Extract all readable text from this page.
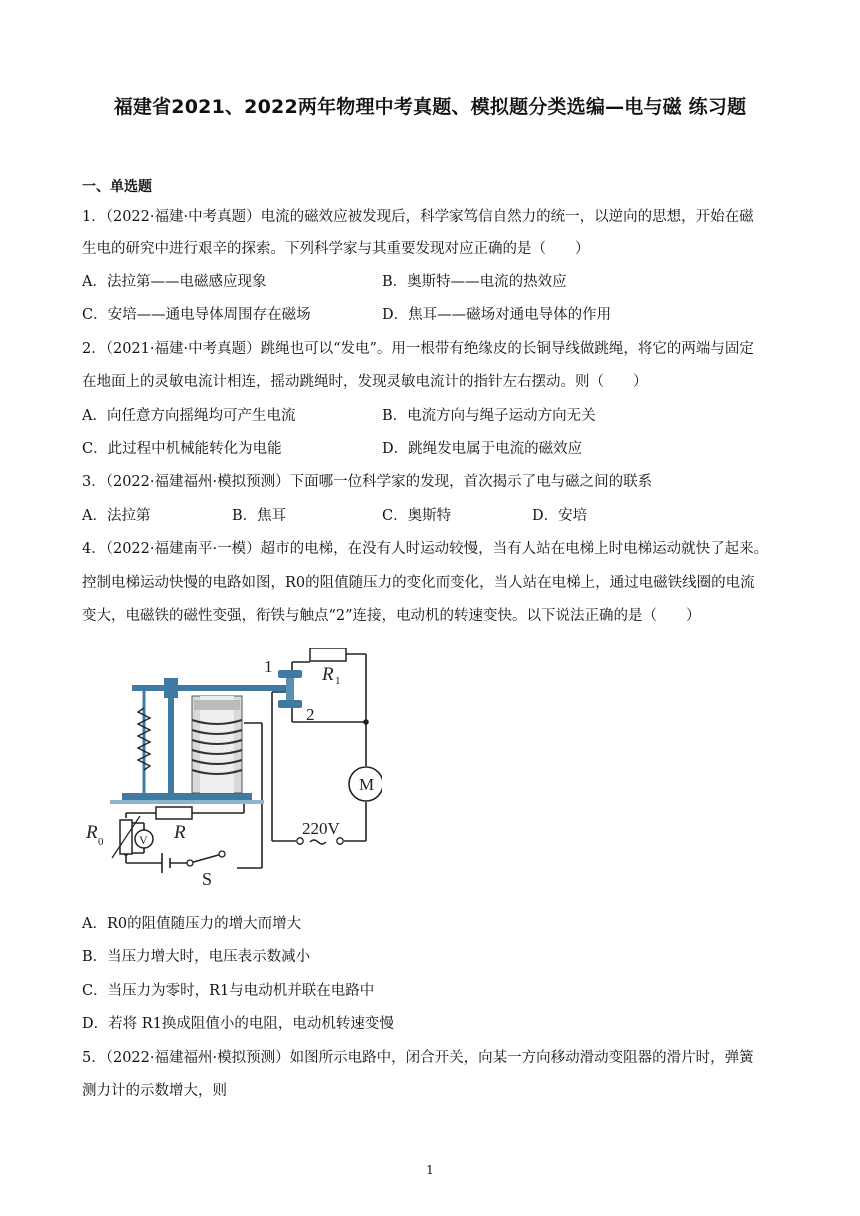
福建省2021、2022两年物理中考真题、模拟题分类选编—电与磁 练习题
一、单选题
1．（2022·福建·中考真题）电流的磁效应被发现后，科学家笃信自然力的统一，以逆向的思想，开始在磁
生电的研究中进行艰辛的探索。下列科学家与其重要发现对应正确的是（　　）
A．法拉第——电磁感应现象	B．奥斯特——电流的热效应
C．安培——通电导体周围存在磁场	D．焦耳——磁场对通电导体的作用
2．（2021·福建·中考真题）跳绳也可以“发电”。用一根带有绝缘皮的长铜导线做跳绳，将它的两端与固定
在地面上的灵敏电流计相连，摇动跳绳时，发现灵敏电流计的指针左右摆动。则（　　）
A．向任意方向摇绳均可产生电流	B．电流方向与绳子运动方向无关
C．此过程中机械能转化为电能	D．跳绳发电属于电流的磁效应
3．（2022·福建福州·模拟预测）下面哪一位科学家的发现，首次揭示了电与磁之间的联系
A．法拉第	B．焦耳	C．奥斯特	D．安培
4．（2022·福建南平·一模）超市的电梯，在没有人时运动较慢，当有人站在电梯上时电梯运动就快了起来。
控制电梯运动快慢的电路如图，R0的阻值随压力的变化而变化，当人站在电梯上，通过电磁铁线圈的电流
变大，电磁铁的磁性变强，衔铁与触点“2”连接，电动机的转速变快。以下说法正确的是（　　）
1
2
R 1
M
220V
R 0	V R
S
A．R0的阻值随压力的增大而增大
B．当压力增大时，电压表示数减小
C．当压力为零时，R1与电动机并联在电路中
D．若将 R1换成阻值小的电阻，电动机转速变慢
5．（2022·福建福州·模拟预测）如图所示电路中，闭合开关，向某一方向移动滑动变阻器的滑片时，弹簧
测力计的示数增大，则
1
